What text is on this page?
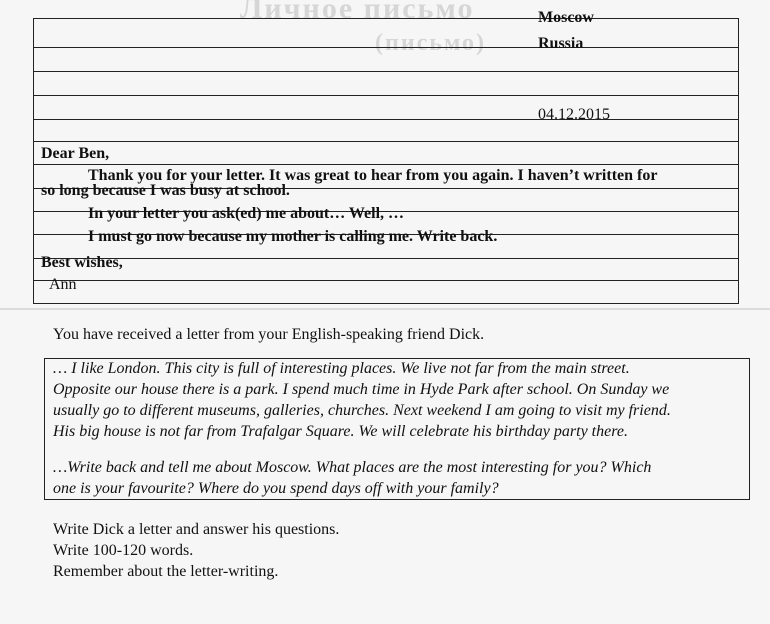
Личное письмо
(письмо)
Moscow
Russia
04.12.2015
Dear Ben,
Thank you for your letter. It was great to hear from you again. I haven’t written for
so long because I was busy at school.
In your letter you ask(ed) me about… Well, …
I must go now because my mother is calling me. Write back.
Best wishes,
Ann
You have received a letter from your English-speaking friend Dick.
… I like London. This city is full of interesting places. We live not far from the main street.
Opposite our house there is a park. I spend much time in Hyde Park after school. On Sunday we
usually go to different museums, galleries, churches. Next weekend I am going to visit my friend.
His big house is not far from Trafalgar Square. We will celebrate his birthday party there.
…Write back and tell me about Moscow. What places are the most interesting for you? Which
one is your favourite? Where do you spend days off with your family?
Write Dick a letter and answer his questions.
Write 100-120 words.
Remember about the letter-writing.
